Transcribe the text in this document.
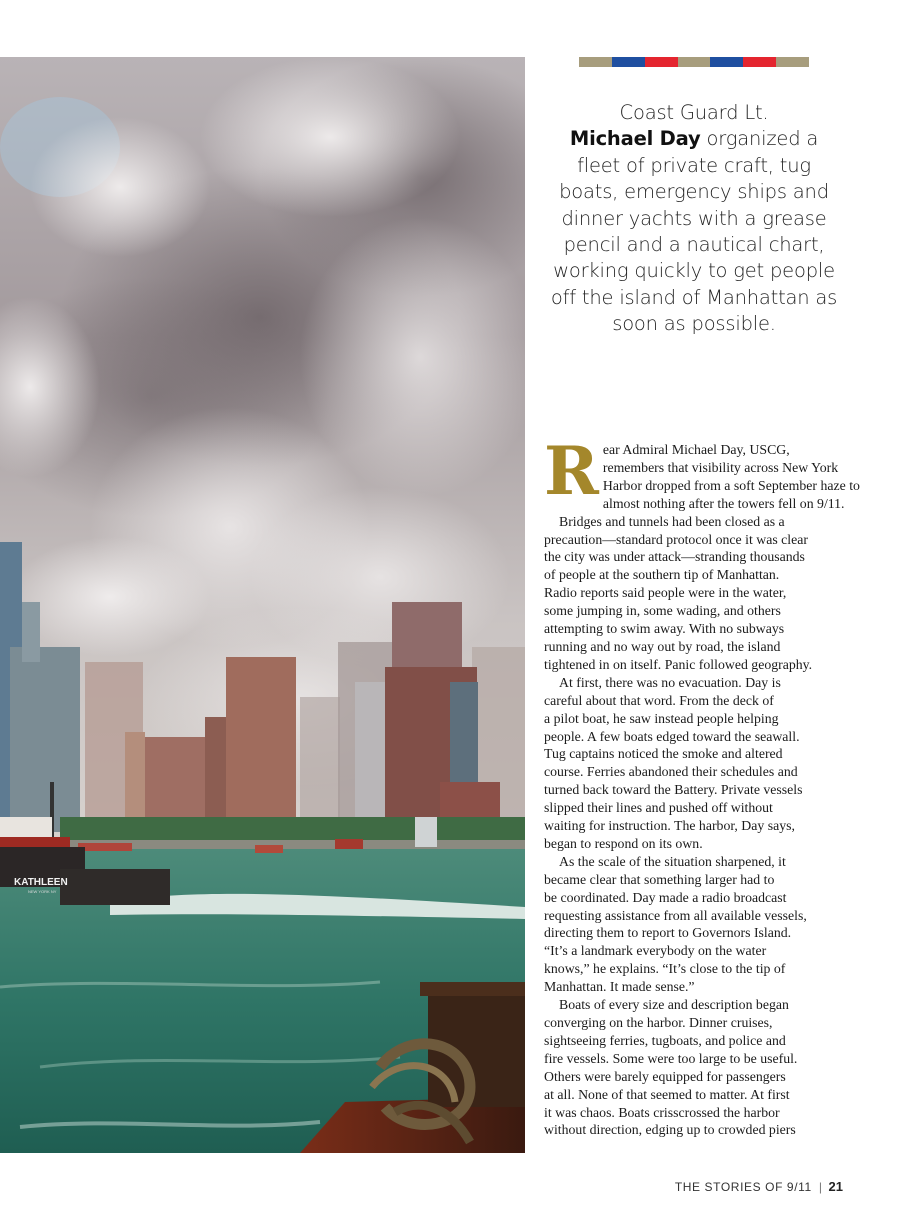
KATHLEEN
NEW YORK NY
Coast Guard Lt.
Michael Day organized a fleet of private craft, tug boats, emergency ships and dinner yachts with a grease pencil and a nautical chart, working quickly to get people off the island of Manhattan as soon as possible.
R ear Admiral Michael Day, USCG,

remembers that visibility across New York
Harbor dropped from a soft September haze to
almost nothing after the towers fell on 9/11.

Bridges and tunnels had been closed as a
precaution—standard protocol once it was clear
the city was under attack—stranding thousands
of people at the southern tip of Manhattan.
Radio reports said people were in the water,
some jumping in, some wading, and others
attempting to swim away. With no subways
running and no way out by road, the island
tightened in on itself. Panic followed geography.

At first, there was no evacuation. Day is
careful about that word. From the deck of
a pilot boat, he saw instead people helping
people. A few boats edged toward the seawall.
Tug captains noticed the smoke and altered
course. Ferries abandoned their schedules and
turned back toward the Battery. Private vessels
slipped their lines and pushed off without
waiting for instruction. The harbor, Day says,
began to respond on its own.

As the scale of the situation sharpened, it
became clear that something larger had to
be coordinated. Day made a radio broadcast
requesting assistance from all available vessels,
directing them to report to Governors Island.
“It’s a landmark everybody on the water
knows,” he explains. “It’s close to the tip of
Manhattan. It made sense.”

Boats of every size and description began
converging on the harbor. Dinner cruises,
sightseeing ferries, tugboats, and police and
fire vessels. Some were too large to be useful.
Others were barely equipped for passengers
at all. None of that seemed to matter. At first
it was chaos. Boats crisscrossed the harbor
without direction, edging up to crowded piers

THE STORIES OF 9/11 | 21
